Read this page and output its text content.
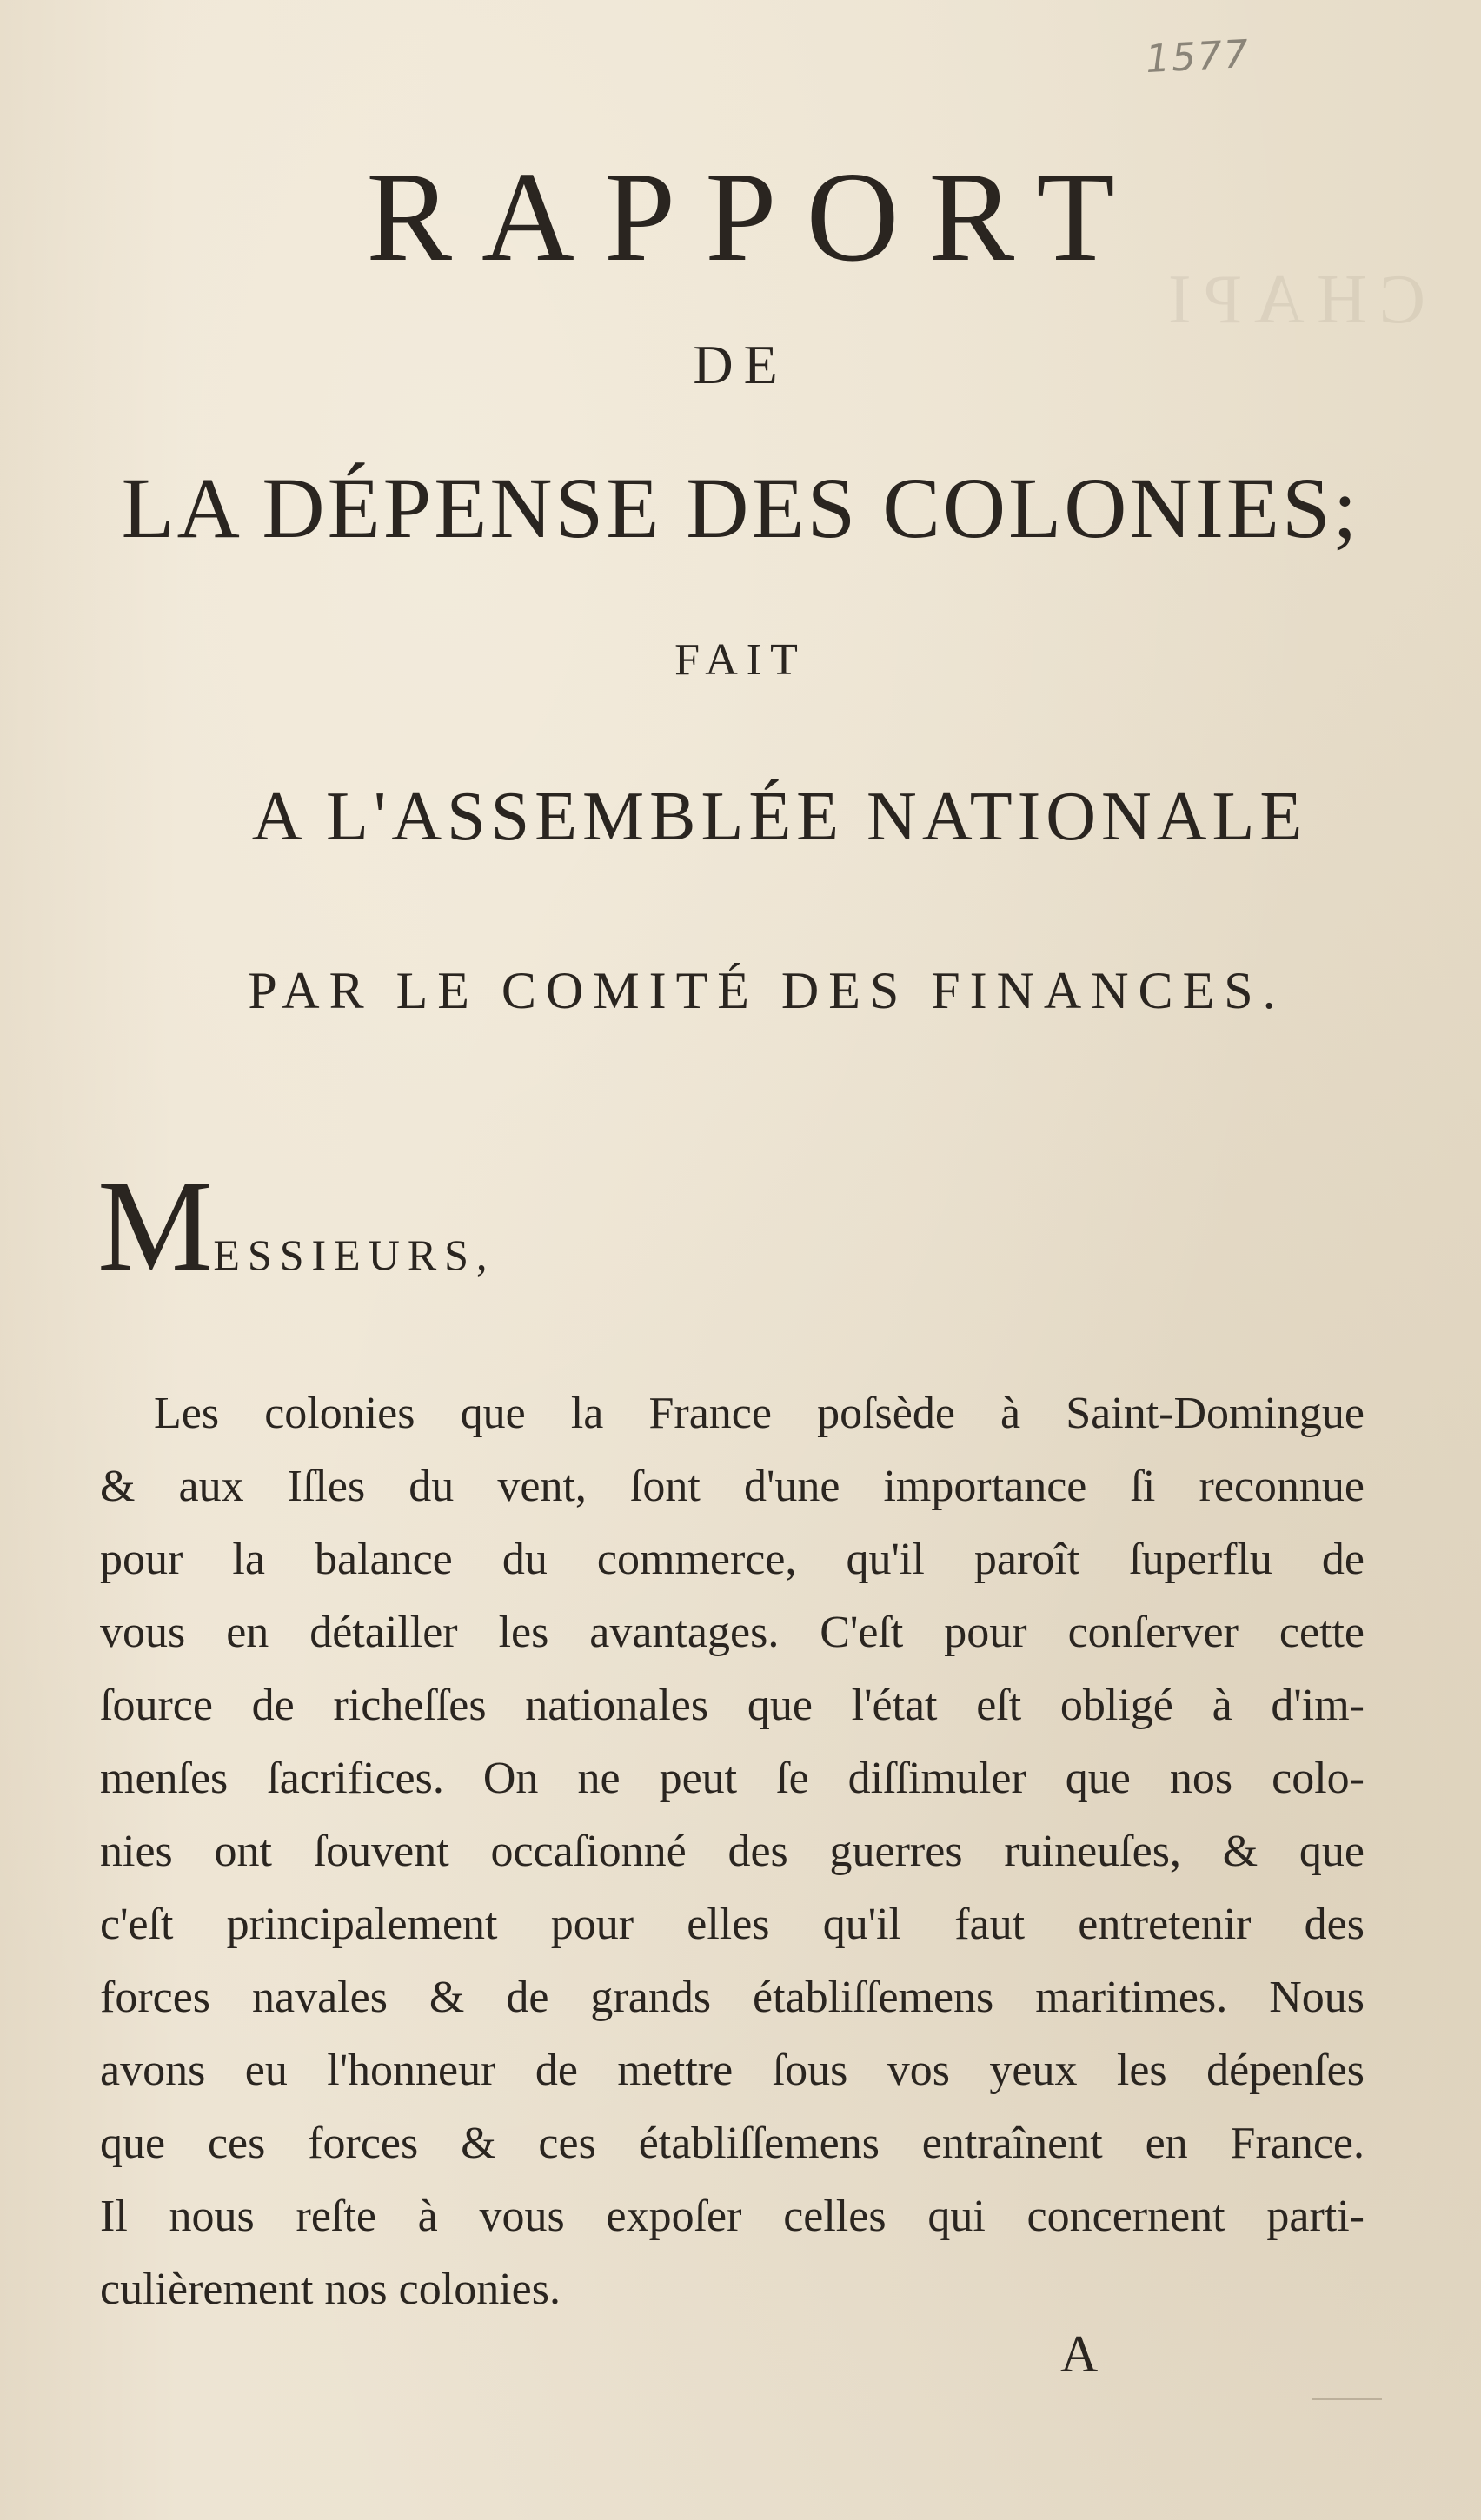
CHAPI
1577
RAPPORT
DE
LA DÉPENSE DES COLONIES;
FAIT
A L'ASSEMBLÉE NATIONALE
PAR LE COMITÉ DES FINANCES.
MESSIEURS,
Les colonies que la France poſsède à Saint-Domingue
& aux Iſles du vent, ſont d'une importance ſi reconnue
pour la balance du commerce, qu'il paroît ſuperflu de
vous en détailler les avantages. C'eſt pour conſerver cette
ſource de richeſſes nationales que l'état eſt obligé à d'im-
menſes ſacrifices. On ne peut ſe diſſimuler que nos colo-
nies ont ſouvent occaſionné des guerres ruineuſes, & que
c'eſt principalement pour elles qu'il faut entretenir des
forces navales & de grands établiſſemens maritimes. Nous
avons eu l'honneur de mettre ſous vos yeux les dépenſes
que ces forces & ces établiſſemens entraînent en France.
Il nous reſte à vous expoſer celles qui concernent parti-
culièrement nos colonies.
A
